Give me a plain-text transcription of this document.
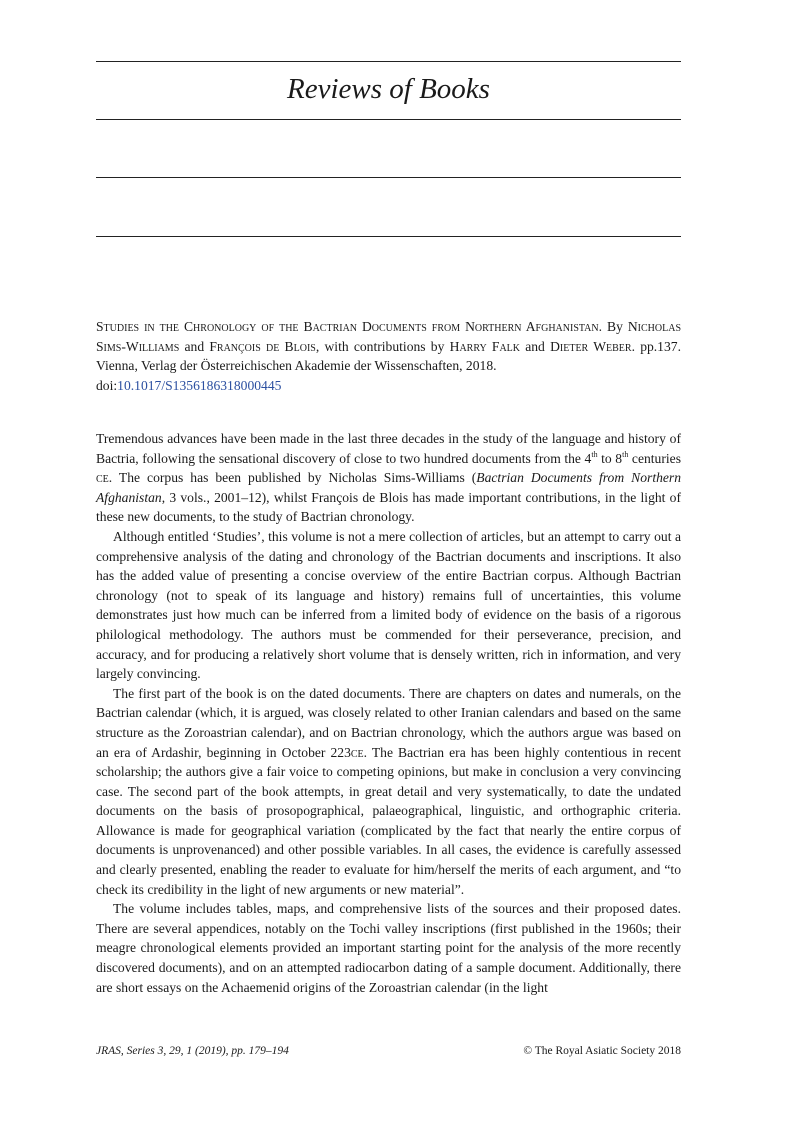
Reviews of Books

Studies in the Chronology of the Bactrian Documents from Northern Afghanistan. By Nicholas Sims-Williams and François de Blois, with contributions by Harry Falk and Dieter Weber. pp.137. Vienna, Verlag der Österreichischen Akademie der Wissenschaften, 2018.
doi:10.1017/S1356186318000445

Tremendous advances have been made in the last three decades in the study of the language and history of Bactria, following the sensational discovery of close to two hundred documents from the 4th to 8th centuries ce. The corpus has been published by Nicholas Sims-Williams (Bactrian Documents from Northern Afghanistan, 3 vols., 2001–12), whilst François de Blois has made important contributions, in the light of these new documents, to the study of Bactrian chronology.

Although entitled ‘Studies’, this volume is not a mere collection of articles, but an attempt to carry out a comprehensive analysis of the dating and chronology of the Bactrian documents and inscriptions. It also has the added value of presenting a concise overview of the entire Bactrian corpus. Although Bactrian chronology (not to speak of its language and history) remains full of uncertainties, this volume demonstrates just how much can be inferred from a limited body of evidence on the basis of a rigorous philological methodology. The authors must be commended for their perseverance, precision, and accuracy, and for producing a relatively short volume that is densely written, rich in information, and very largely convincing.

The first part of the book is on the dated documents. There are chapters on dates and numerals, on the Bactrian calendar (which, it is argued, was closely related to other Iranian calendars and based on the same structure as the Zoroastrian calendar), and on Bactrian chronology, which the authors argue was based on an era of Ardashir, beginning in October 223ce. The Bactrian era has been highly contentious in recent scholarship; the authors give a fair voice to competing opinions, but make in conclusion a very convincing case. The second part of the book attempts, in great detail and very systematically, to date the undated documents on the basis of prosopographical, palaeographical, linguistic, and orthographic criteria. Allowance is made for geographical variation (complicated by the fact that nearly the entire corpus of documents is unprovenanced) and other possible variables. In all cases, the evidence is carefully assessed and clearly presented, enabling the reader to evaluate for him/herself the merits of each argument, and “to check its credibility in the light of new arguments or new material”.

The volume includes tables, maps, and comprehensive lists of the sources and their proposed dates. There are several appendices, notably on the Tochi valley inscriptions (first published in the 1960s; their meagre chronological elements provided an important starting point for the analysis of the more recently discovered documents), and on an attempted radiocarbon dating of a sample document. Additionally, there are short essays on the Achaemenid origins of the Zoroastrian calendar (in the light

JRAS, Series 3, 29, 1 (2019), pp. 179–194	© The Royal Asiatic Society 2018
